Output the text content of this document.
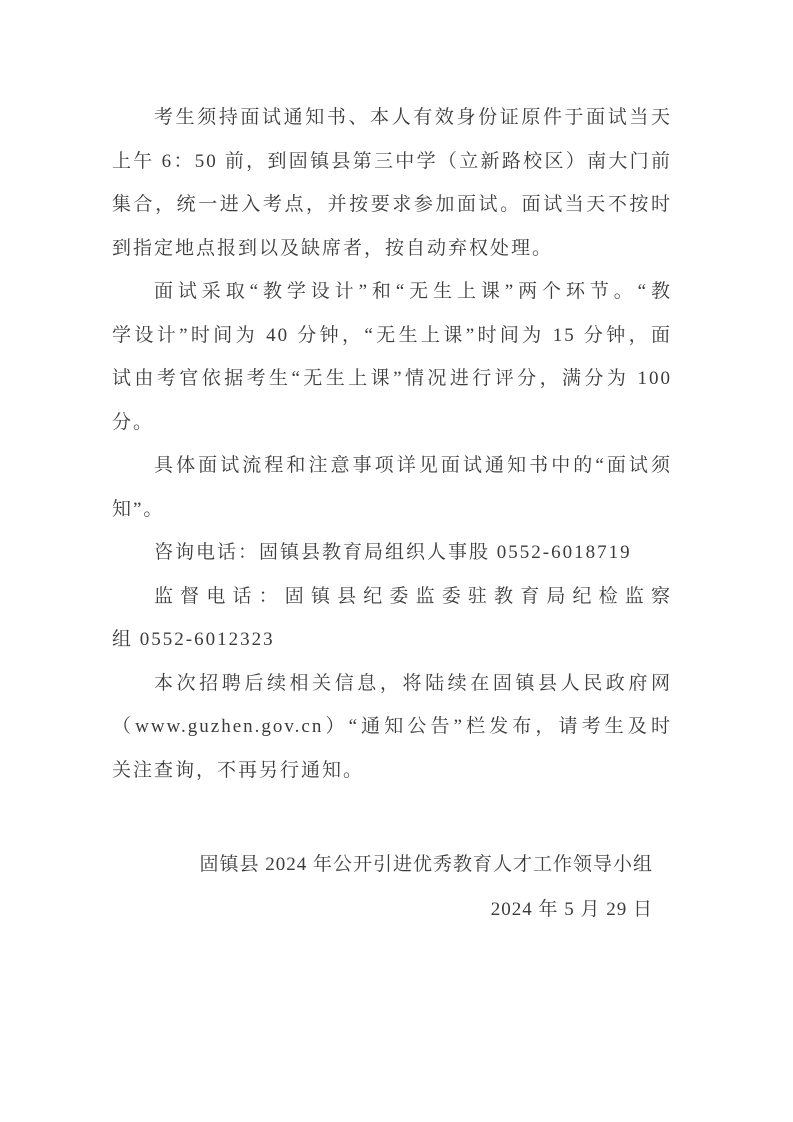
考生须持面试通知书、本人有效身份证原件于面试当天
上午 6：50 前，到固镇县第三中学（立新路校区）南大门前
集合，统一进入考点，并按要求参加面试。面试当天不按时
到指定地点报到以及缺席者，按自动弃权处理。
面试采取“教学设计”和“无生上课”两个环节。“教
学设计”时间为 40 分钟，“无生上课”时间为 15 分钟，面
试由考官依据考生“无生上课”情况进行评分，满分为 100
分。
具体面试流程和注意事项详见面试通知书中的“面试须
知”。
咨询电话：固镇县教育局组织人事股 0552-6018719
监督电话：固镇县纪委监委驻教育局纪检监察
组 0552-6012323
本次招聘后续相关信息，将陆续在固镇县人民政府网
（www.guzhen.gov.cn）“通知公告”栏发布，请考生及时
关注查询，不再另行通知。
固镇县 2024 年公开引进优秀教育人才工作领导小组
2024 年 5 月 29 日
